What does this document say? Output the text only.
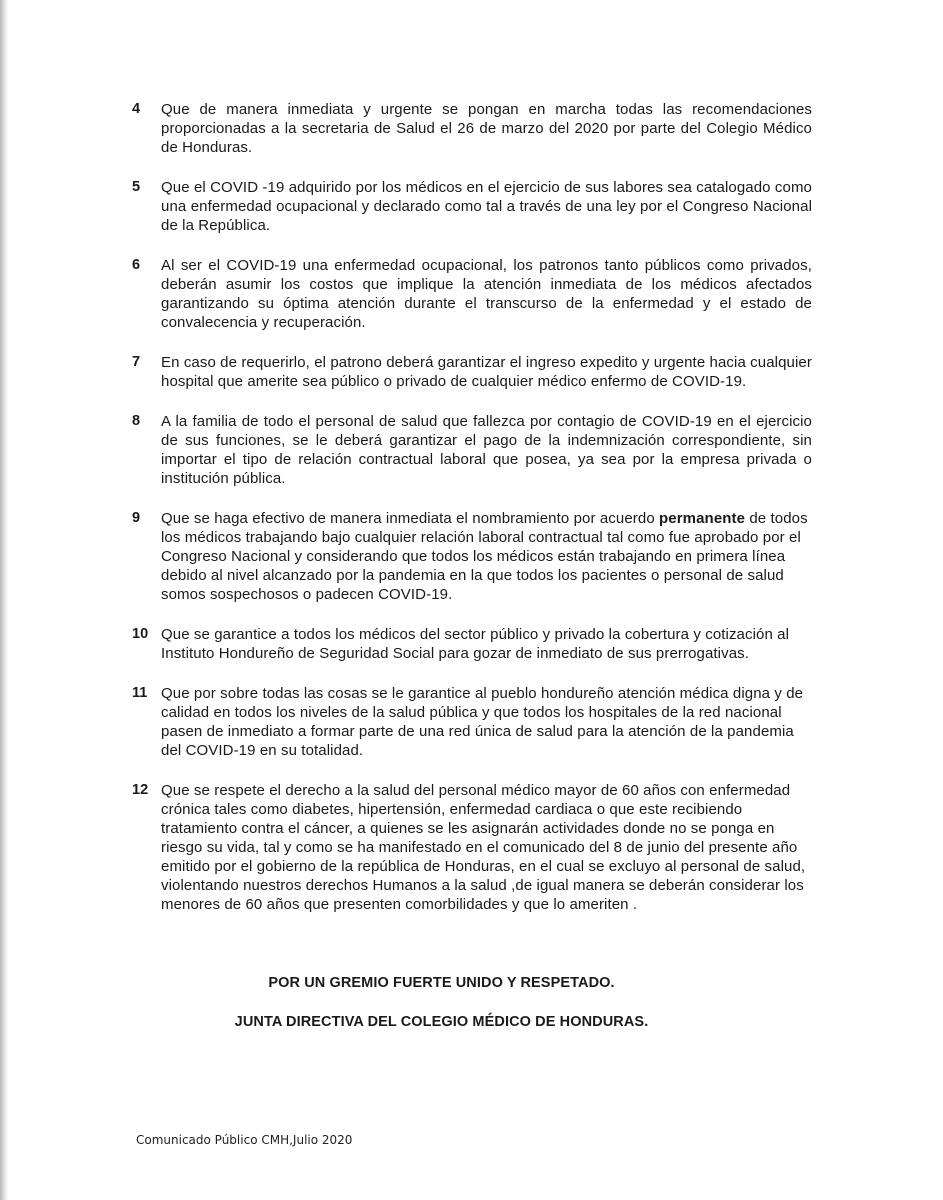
4	Que de manera inmediata y urgente se pongan en marcha todas las recomendaciones proporcionadas a la secretaria de Salud el 26 de marzo del 2020 por parte del Colegio Médico de Honduras.
5	Que el COVID -19 adquirido por los médicos en el ejercicio de sus labores sea catalogado como una enfermedad ocupacional y declarado como tal a través de una ley por el Congreso Nacional de la República.
6	Al ser el COVID-19 una enfermedad ocupacional, los patronos tanto públicos como privados, deberán asumir los costos que implique la atención inmediata de los médicos afectados garantizando su óptima atención durante el transcurso de la enfermedad y el estado de convalecencia y recuperación.
7	En caso de requerirlo, el patrono deberá garantizar el ingreso expedito y urgente hacia cualquier hospital que amerite sea público o privado de cualquier médico enfermo de COVID-19.
8	A la familia de todo el personal de salud que fallezca por contagio de COVID-19 en el ejercicio de sus funciones, se le deberá garantizar el pago de la indemnización correspondiente, sin importar el tipo de relación contractual laboral que posea, ya sea por la empresa privada o institución pública.
9	Que se haga efectivo de manera inmediata el nombramiento por acuerdo permanente de todos los médicos trabajando bajo cualquier relación laboral contractual tal como fue aprobado por el Congreso Nacional y considerando que todos los médicos están trabajando en primera línea debido al nivel alcanzado por la pandemia en la que todos los pacientes o personal de salud somos sospechosos o padecen COVID-19.
10 Que se garantice a todos los médicos del sector público y privado la cobertura y cotización al Instituto Hondureño de Seguridad Social para gozar de inmediato de sus prerrogativas.
11 Que por sobre todas las cosas se le garantice al pueblo hondureño atención médica digna y de calidad en todos los niveles de la salud pública y que todos los hospitales de la red nacional pasen de inmediato a formar parte de una red única de salud para la atención de la pandemia del COVID-19 en su totalidad.
12 Que se respete el derecho a la salud del personal médico mayor de 60 años con enfermedad crónica tales como diabetes, hipertensión, enfermedad cardiaca o que este recibiendo tratamiento contra el cáncer, a quienes se les asignarán actividades donde no se ponga en riesgo su vida, tal y como se ha manifestado en el comunicado del 8 de junio del presente año emitido por el gobierno de la república de Honduras, en el cual se excluyo al personal de salud, violentando nuestros derechos Humanos a la salud ,de igual manera se deberán considerar los menores de 60 años que presenten comorbilidades y que lo ameriten .
POR UN GREMIO FUERTE UNIDO Y RESPETADO.
JUNTA DIRECTIVA DEL COLEGIO MÉDICO DE HONDURAS.
Comunicado Público CMH,Julio 2020
